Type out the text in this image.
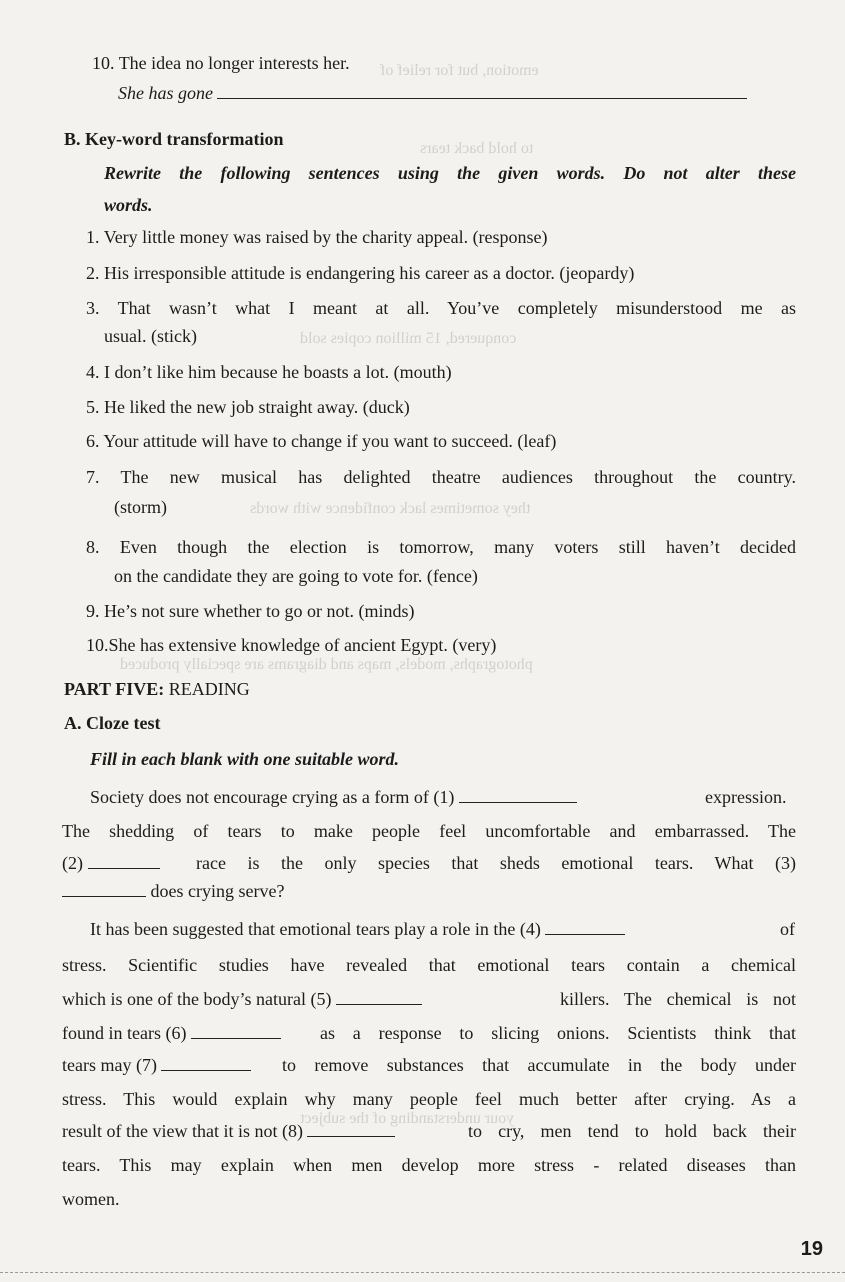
emotion, but for relief of
to hold back tears
conquered, 15 million copies sold
they sometimes lack confidence with words
photographs, models, maps and diagrams are specially produced
your understanding of the subject
10. The idea no longer interests her.
She has gone
B. Key-word transformation
Rewrite the following sentences using the given words. Do not alter these
words.
1. Very little money was raised by the charity appeal. (response)
2. His irresponsible attitude is endangering his career as a doctor. (jeopardy)
3. That wasn’t what I meant at all. You’ve completely misunderstood me as
usual. (stick)
4. I don’t like him because he boasts a lot. (mouth)
5. He liked the new job straight away. (duck)
6. Your attitude will have to change if you want to succeed. (leaf)
7. The new musical has delighted theatre audiences throughout the country.
(storm)
8. Even though the election is tomorrow, many voters still haven’t decided
on the candidate they are going to vote for. (fence)
9. He’s not sure whether to go or not. (minds)
10.She has extensive knowledge of ancient Egypt. (very)
PART FIVE: READING
A. Cloze test
Fill in each blank with one suitable word.
Society does not encourage crying as a form of (1)	expression.
The shedding of tears to make people feel uncomfortable and embarrassed. The
(2)	race is the only species that sheds emotional tears. What (3)
does crying serve?
It has been suggested that emotional tears play a role in the (4)	of
stress. Scientific studies have revealed that emotional tears contain a chemical
which is one of the body’s natural (5)	killers. The chemical is not
found in tears (6)	as a response to slicing onions. Scientists think that
tears may (7)	to remove substances that accumulate in the body under
stress. This would explain why many people feel much better after crying. As a
result of the view that it is not (8)	to cry, men tend to hold back their
tears. This may explain when men develop more stress - related diseases than
women.
19
